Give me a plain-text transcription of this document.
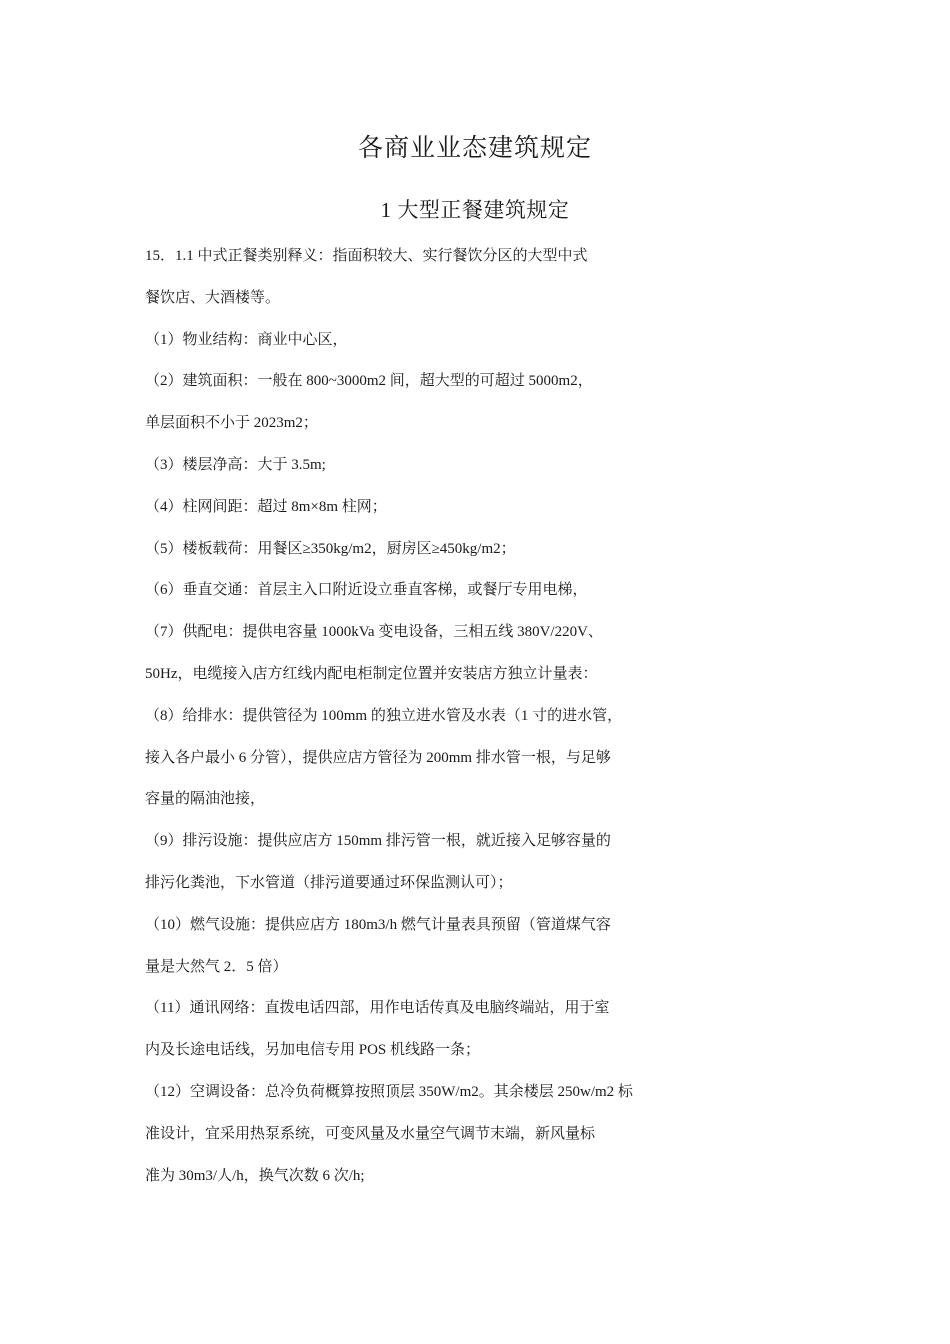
各商业业态建筑规定
1 大型正餐建筑规定
15．1.1 中式正餐类别释义：指面积较大、实行餐饮分区的大型中式
餐饮店、大酒楼等。
（1）物业结构：商业中心区，
（2）建筑面积：一般在 800~3000m2 间，超大型的可超过 5000m2，
单层面积不小于 2023m2；
（3）楼层净高：大于 3.5m;
（4）柱网间距：超过 8m×8m 柱网；
（5）楼板载荷：用餐区≥350kg/m2，厨房区≥450kg/m2；
（6）垂直交通：首层主入口附近设立垂直客梯，或餐厅专用电梯，
（7）供配电：提供电容量 1000kVa 变电设备，三相五线 380V/220V、
50Hz，电缆接入店方红线内配电柜制定位置并安装店方独立计量表：
（8）给排水：提供管径为 100mm 的独立进水管及水表（1 寸的进水管，
接入各户最小 6 分管），提供应店方管径为 200mm 排水管一根，与足够
容量的隔油池接，
（9）排污设施：提供应店方 150mm 排污管一根，就近接入足够容量的
排污化粪池，下水管道（排污道要通过环保监测认可）；
（10）燃气设施：提供应店方 180m3/h 燃气计量表具预留（管道煤气容
量是大然气 2．5 倍）
（11）通讯网络：直拨电话四部，用作电话传真及电脑终端站，用于室
内及长途电话线，另加电信专用 POS 机线路一条；
（12）空调设备：总冷负荷概算按照顶层 350W/m2。其余楼层 250w/m2 标
准设计，宜采用热泵系统，可变风量及水量空气调节末端，新风量标
准为 30m3/人/h，换气次数 6 次/h;
